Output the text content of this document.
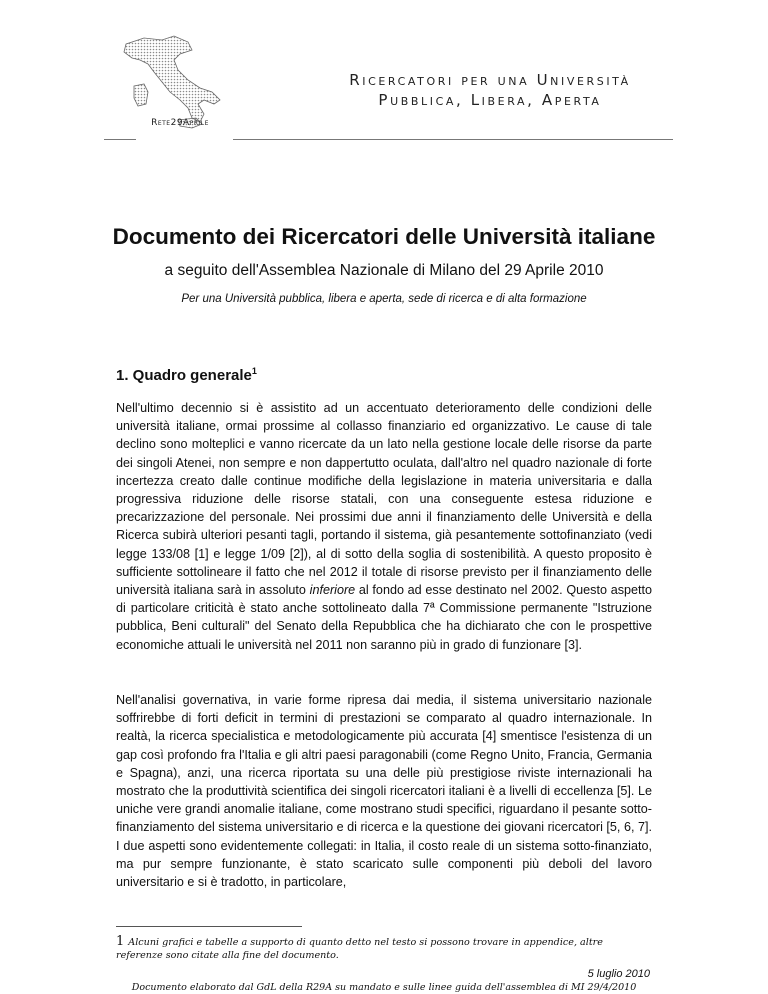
Rete29Aprile
Ricercatori per una Università
Pubblica, Libera, Aperta
Documento dei Ricercatori delle Università italiane
a seguito dell'Assemblea Nazionale di Milano del 29 Aprile 2010
Per una Università pubblica, libera e aperta, sede di ricerca e di alta formazione
1. Quadro generale$^1$
Nell'ultimo decennio si è assistito ad un accentuato deterioramento delle condizioni delle università italiane, ormai prossime al collasso finanziario ed organizzativo. Le cause di tale declino sono molteplici e vanno ricercate da un lato nella gestione locale delle risorse da parte dei singoli Atenei, non sempre e non dappertutto oculata, dall'altro nel quadro nazionale di forte incertezza creato dalle continue modifiche della legislazione in materia universitaria e dalla progressiva riduzione delle risorse statali, con una conseguente estesa riduzione e precarizzazione del personale. Nei prossimi due anni il finanziamento delle Università e della Ricerca subirà ulteriori pesanti tagli, portando il sistema, già pesantemente sottofinanziato (vedi legge 133/08 [1] e legge 1/09 [2]), al di sotto della soglia di sostenibilità. A questo proposito è sufficiente sottolineare il fatto che nel 2012 il totale di risorse previsto per il finanziamento delle università italiana sarà in assoluto inferiore al fondo ad esse destinato nel 2002. Questo aspetto di particolare criticità è stato anche sottolineato dalla 7ª Commissione permanente "Istruzione pubblica, Beni culturali" del Senato della Repubblica che ha dichiarato che con le prospettive economiche attuali le università nel 2011 non saranno più in grado di funzionare [3].
Nell'analisi governativa, in varie forme ripresa dai media, il sistema universitario nazionale soffrirebbe di forti deficit in termini di prestazioni se comparato al quadro internazionale. In realtà, la ricerca specialistica e metodologicamente più accurata [4] smentisce l'esistenza di un gap così profondo fra l'Italia e gli altri paesi paragonabili (come Regno Unito, Francia, Germania e Spagna), anzi, una ricerca riportata su una delle più prestigiose riviste internazionali ha mostrato che la produttività scientifica dei singoli ricercatori italiani è a livelli di eccellenza [5]. Le uniche vere grandi anomalie italiane, come mostrano studi specifici, riguardano il pesante sotto-finanziamento del sistema universitario e di ricerca e la questione dei giovani ricercatori [5, 6, 7]. I due aspetti sono evidentemente collegati: in Italia, il costo reale di un sistema sotto-finanziato, ma pur sempre funzionante, è stato scaricato sulle componenti più deboli del lavoro universitario e si è tradotto, in particolare,
1 Alcuni grafici e tabelle a supporto di quanto detto nel testo si possono trovare in appendice, altre referenze sono citate alla fine del documento.
5 luglio 2010
Documento elaborato dal GdL della R29A su mandato e sulle linee guida dell'assemblea di MI 29/4/2010
